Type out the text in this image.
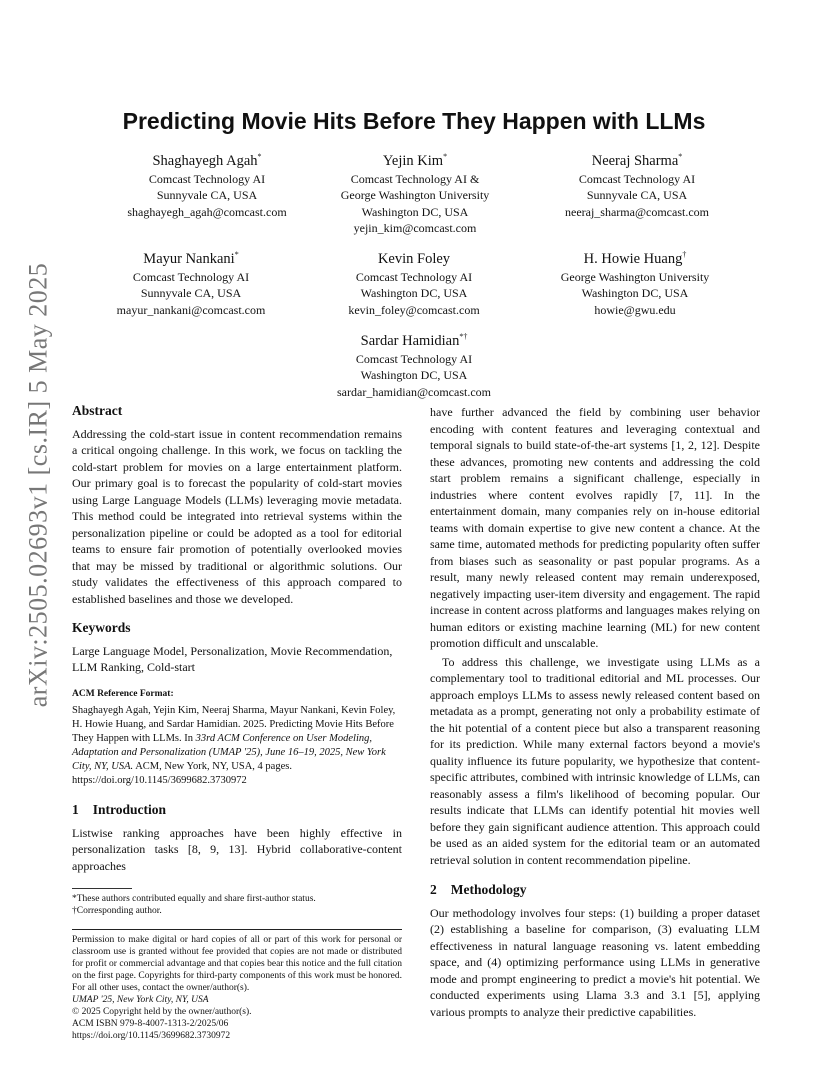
arXiv:2505.02693v1 [cs.IR] 5 May 2025
Predicting Movie Hits Before They Happen with LLMs
Shaghayegh Agah*
Comcast Technology AI
Sunnyvale CA, USA
shaghayegh_agah@comcast.com
Yejin Kim*
Comcast Technology AI &
George Washington University
Washington DC, USA
yejin_kim@comcast.com
Neeraj Sharma*
Comcast Technology AI
Sunnyvale CA, USA
neeraj_sharma@comcast.com
Mayur Nankani*
Comcast Technology AI
Sunnyvale CA, USA
mayur_nankani@comcast.com
Kevin Foley
Comcast Technology AI
Washington DC, USA
kevin_foley@comcast.com
H. Howie Huang†
George Washington University
Washington DC, USA
howie@gwu.edu
Sardar Hamidian*†
Comcast Technology AI
Washington DC, USA
sardar_hamidian@comcast.com
Abstract

Addressing the cold-start issue in content recommendation remains a critical ongoing challenge. In this work, we focus on tackling the cold-start problem for movies on a large entertainment platform. Our primary goal is to forecast the popularity of cold-start movies using Large Language Models (LLMs) leveraging movie metadata. This method could be integrated into retrieval systems within the personalization pipeline or could be adopted as a tool for editorial teams to ensure fair promotion of potentially overlooked movies that may be missed by traditional or algorithmic solutions. Our study validates the effectiveness of this approach compared to established baselines and those we developed.

Keywords

Large Language Model, Personalization, Movie Recommendation, LLM Ranking, Cold-start

ACM Reference Format:

Shaghayegh Agah, Yejin Kim, Neeraj Sharma, Mayur Nankani, Kevin Foley, H. Howie Huang, and Sardar Hamidian. 2025. Predicting Movie Hits Before They Happen with LLMs. In 33rd ACM Conference on User Modeling, Adaptation and Personalization (UMAP '25), June 16–19, 2025, New York City, NY, USA. ACM, New York, NY, USA, 4 pages. https://doi.org/10.1145/3699682.3730972

1 Introduction

Listwise ranking approaches have been highly effective in personalization tasks [8, 9, 13]. Hybrid collaborative-content approaches

*These authors contributed equally and share first-author status.
†Corresponding author.
Permission to make digital or hard copies of all or part of this work for personal or classroom use is granted without fee provided that copies are not made or distributed for profit or commercial advantage and that copies bear this notice and the full citation on the first page. Copyrights for third-party components of this work must be honored. For all other uses, contact the owner/author(s).
UMAP '25, New York City, NY, USA
© 2025 Copyright held by the owner/author(s).
ACM ISBN 979-8-4007-1313-2/2025/06
https://doi.org/10.1145/3699682.3730972

have further advanced the field by combining user behavior encoding with content features and leveraging contextual and temporal signals to build state-of-the-art systems [1, 2, 12]. Despite these advances, promoting new contents and addressing the cold start problem remains a significant challenge, especially in industries where content evolves rapidly [7, 11]. In the entertainment domain, many companies rely on in-house editorial teams with domain expertise to give new content a chance. At the same time, automated methods for predicting popularity often suffer from biases such as seasonality or past popular programs. As a result, many newly released content may remain underexposed, negatively impacting user-item diversity and engagement. The rapid increase in content across platforms and languages makes relying on human editors or existing machine learning (ML) for new content promotion difficult and unscalable.

To address this challenge, we investigate using LLMs as a complementary tool to traditional editorial and ML processes. Our approach employs LLMs to assess newly released content based on metadata as a prompt, generating not only a probability estimate of the hit potential of a content piece but also a transparent reasoning for its prediction. While many external factors beyond a movie's quality influence its future popularity, we hypothesize that content-specific attributes, combined with intrinsic knowledge of LLMs, can reasonably assess a film's likelihood of becoming popular. Our results indicate that LLMs can identify potential hit movies well before they gain significant audience attention. This approach could be used as an aided system for the editorial team or an automated retrieval solution in content recommendation pipeline.

2 Methodology

Our methodology involves four steps: (1) building a proper dataset (2) establishing a baseline for comparison, (3) evaluating LLM effectiveness in natural language reasoning vs. latent embedding space, and (4) optimizing performance using LLMs in generative mode and prompt engineering to predict a movie's hit potential. We conducted experiments using Llama 3.3 and 3.1 [5], applying various prompts to analyze their predictive capabilities.
